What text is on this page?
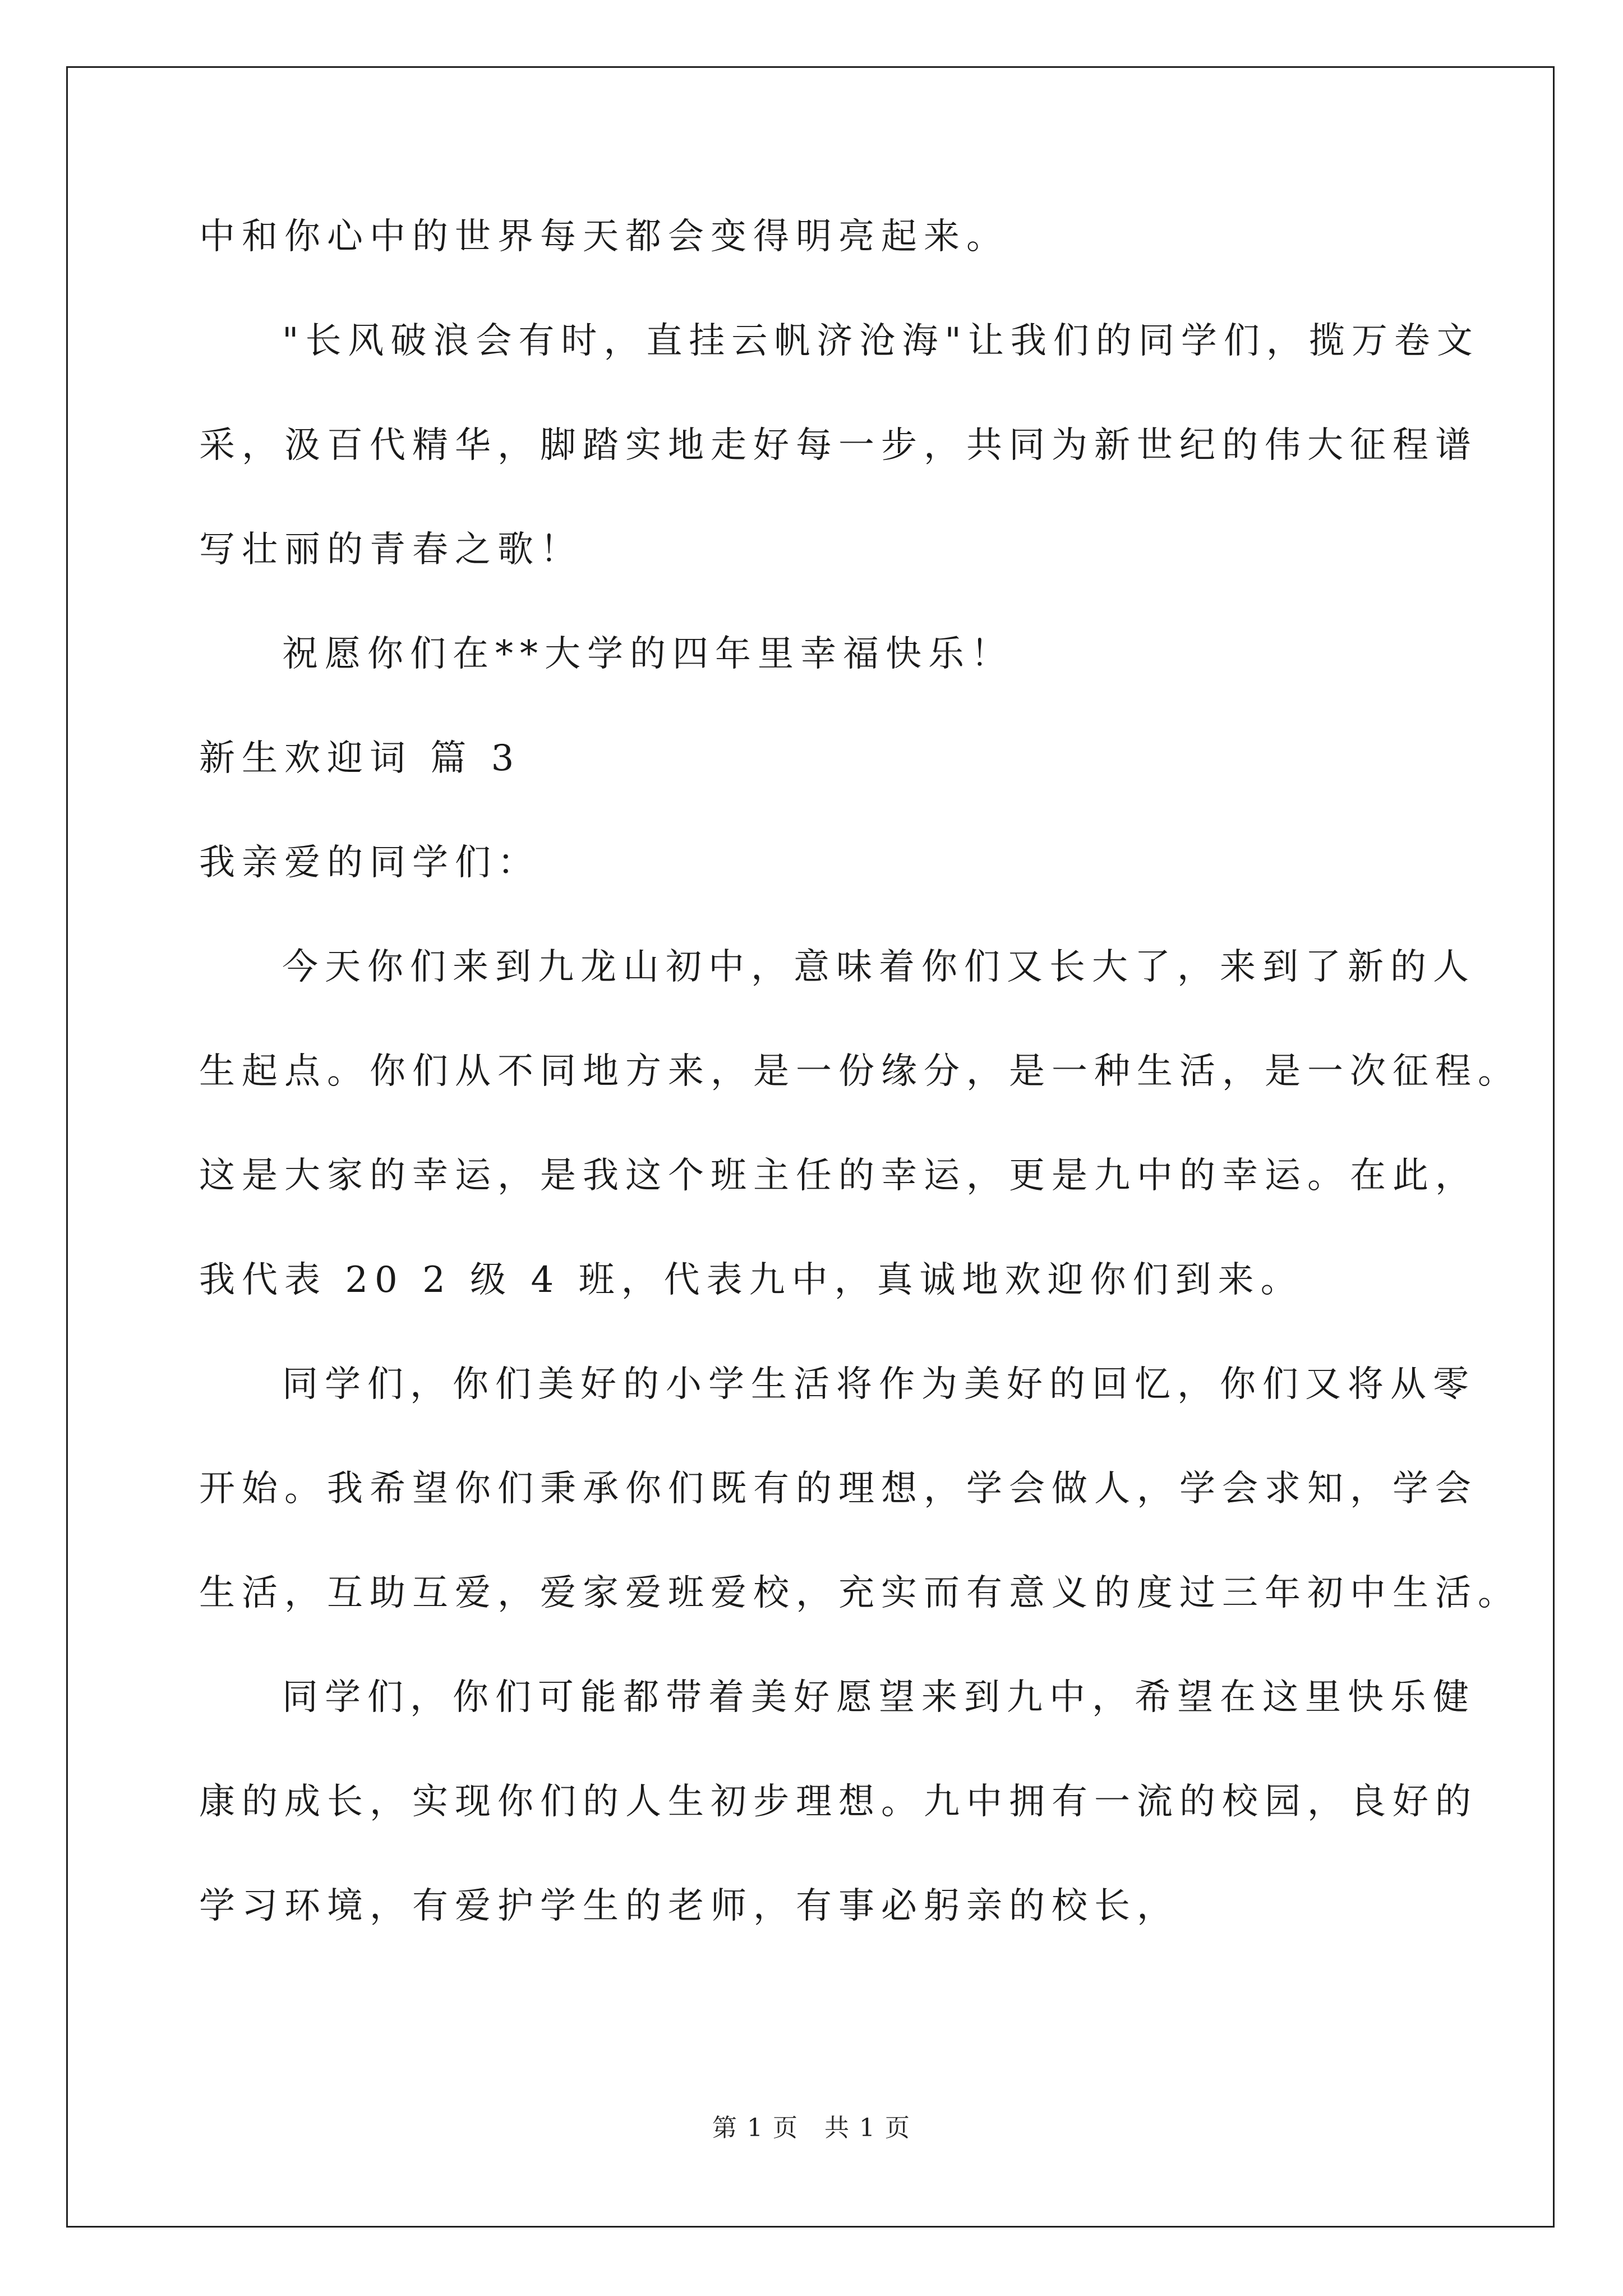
中和你心中的世界每天都会变得明亮起来。
"长风破浪会有时，直挂云帆济沧海"让我们的同学们，揽万卷文
采，汲百代精华，脚踏实地走好每一步，共同为新世纪的伟大征程谱
写壮丽的青春之歌！
祝愿你们在**大学的四年里幸福快乐！
新生欢迎词 篇 3
我亲爱的同学们：
今天你们来到九龙山初中，意味着你们又长大了，来到了新的人
生起点。你们从不同地方来，是一份缘分，是一种生活，是一次征程。
这是大家的幸运，是我这个班主任的幸运，更是九中的幸运。在此，
我代表 20 2 级 4 班，代表九中，真诚地欢迎你们到来。
同学们，你们美好的小学生活将作为美好的回忆，你们又将从零
开始。我希望你们秉承你们既有的理想，学会做人，学会求知，学会
生活，互助互爱，爱家爱班爱校，充实而有意义的度过三年初中生活。
同学们，你们可能都带着美好愿望来到九中，希望在这里快乐健
康的成长，实现你们的人生初步理想。九中拥有一流的校园，良好的
学习环境，有爱护学生的老师，有事必躬亲的校长，
第 1 页　共 1 页
